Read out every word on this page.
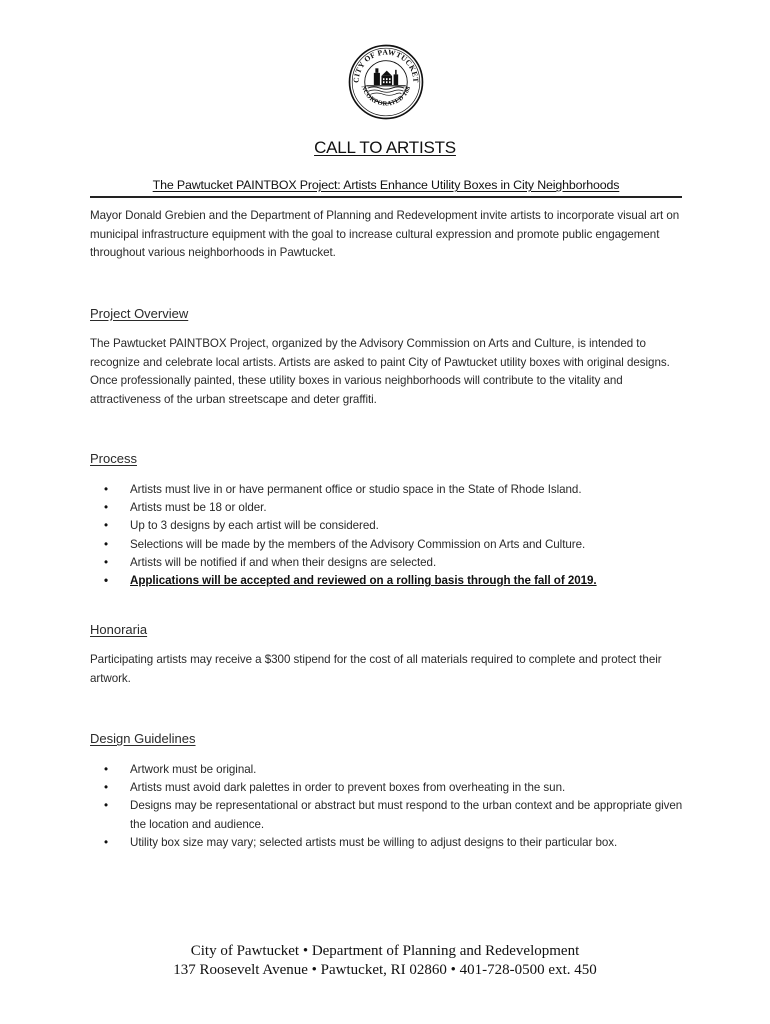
CITY OF PAWTUCKET
NCORPORATED 188
CALL TO ARTISTS
The Pawtucket PAINTBOX Project: Artists Enhance Utility Boxes in City Neighborhoods

Mayor Donald Grebien and the Department of Planning and Redevelopment invite artists to incorporate visual art on municipal infrastructure equipment with the goal to increase cultural expression and promote public engagement throughout various neighborhoods in Pawtucket.

Project Overview

The Pawtucket PAINTBOX Project, organized by the Advisory Commission on Arts and Culture, is intended to recognize and celebrate local artists. Artists are asked to paint City of Pawtucket utility boxes with original designs. Once professionally painted, these utility boxes in various neighborhoods will contribute to the vitality and attractiveness of the urban streetscape and deter graffiti.

Process
• Artists must live in or have permanent office or studio space in the State of Rhode Island.
• Artists must be 18 or older.
• Up to 3 designs by each artist will be considered.
• Selections will be made by the members of the Advisory Commission on Arts and Culture.
• Artists will be notified if and when their designs are selected.
• Applications will be accepted and reviewed on a rolling basis through the fall of 2019.
Honoraria

Participating artists may receive a $300 stipend for the cost of all materials required to complete and protect their artwork.

Design Guidelines
• Artwork must be original.
• Artists must avoid dark palettes in order to prevent boxes from overheating in the sun.
• Designs may be representational or abstract but must respond to the urban context and be appropriate given the location and audience.
• Utility box size may vary; selected artists must be willing to adjust designs to their particular box.
City of Pawtucket • Department of Planning and Redevelopment
137 Roosevelt Avenue • Pawtucket, RI 02860 • 401-728-0500 ext. 450
